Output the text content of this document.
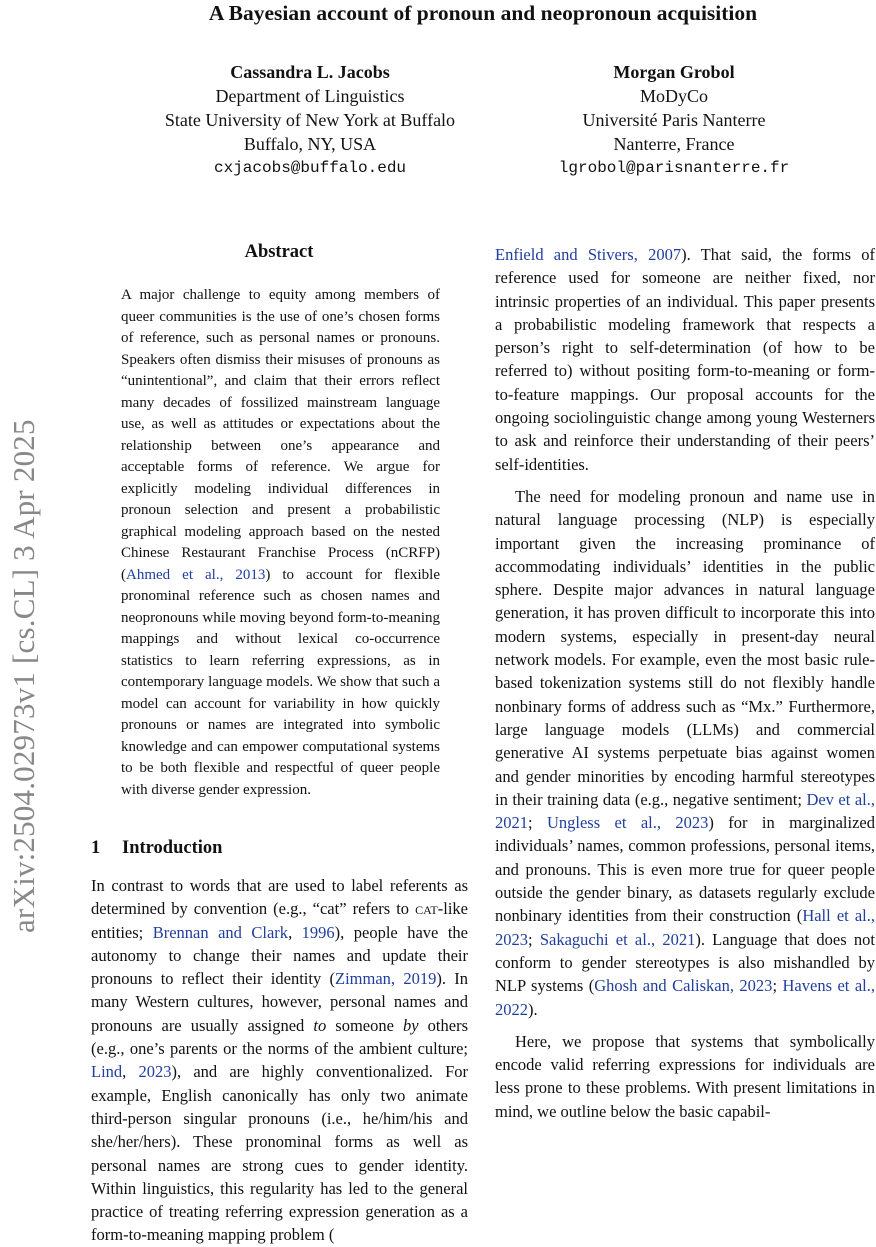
A Bayesian account of pronoun and neopronoun acquisition
Cassandra L. Jacobs
Department of Linguistics
State University of New York at Buffalo
Buffalo, NY, USA
cxjacobs@buffalo.edu
Morgan Grobol
MoDyCo
Université Paris Nanterre
Nanterre, France
lgrobol@parisnanterre.fr
arXiv:2504.02973v1 [cs.CL] 3 Apr 2025
Abstract

A major challenge to equity among members of queer communities is the use of one’s chosen forms of reference, such as personal names or pronouns. Speakers often dismiss their misuses of pronouns as “unintentional”, and claim that their errors reflect many decades of fossilized mainstream language use, as well as attitudes or expectations about the relationship between one’s appearance and acceptable forms of reference. We argue for explicitly modeling individual differences in pronoun selection and present a probabilistic graphical modeling approach based on the nested Chinese Restaurant Franchise Process (nCRFP) (Ahmed et al., 2013) to account for flexible pronominal reference such as chosen names and neopronouns while moving beyond form-to-meaning mappings and without lexical co-occurrence statistics to learn referring expressions, as in contemporary language models. We show that such a model can account for variability in how quickly pronouns or names are integrated into symbolic knowledge and can empower computational systems to be both flexible and respectful of queer people with diverse gender expression.

1 Introduction

In contrast to words that are used to label referents as determined by convention (e.g., “cat” refers to cat-like entities; Brennan and Clark, 1996), people have the autonomy to change their names and update their pronouns to reflect their identity (Zimman, 2019). In many Western cultures, however, personal names and pronouns are usually assigned to someone by others (e.g., one’s parents or the norms of the ambient culture; Lind, 2023), and are highly conventionalized. For example, English canonically has only two animate third-person singular pronouns (i.e., he/him/his and she/her/hers). These pronominal forms as well as personal names are strong cues to gender identity. Within linguistics, this regularity has led to the general practice of treating referring expression generation as a form-to-meaning mapping problem (

Enfield and Stivers, 2007). That said, the forms of reference used for someone are neither fixed, nor intrinsic properties of an individual. This paper presents a probabilistic modeling framework that respects a person’s right to self-determination (of how to be referred to) without positing form-to-meaning or form-to-feature mappings. Our proposal accounts for the ongoing sociolinguistic change among young Westerners to ask and reinforce their understanding of their peers’ self-identities.

The need for modeling pronoun and name use in natural language processing (NLP) is especially important given the increasing prominance of accommodating individuals’ identities in the public sphere. Despite major advances in natural language generation, it has proven difficult to incorporate this into modern systems, especially in present-day neural network models. For example, even the most basic rule-based tokenization systems still do not flexibly handle nonbinary forms of address such as “Mx.” Furthermore, large language models (LLMs) and commercial generative AI systems perpetuate bias against women and gender minorities by encoding harmful stereotypes in their training data (e.g., negative sentiment; Dev et al., 2021; Ungless et al., 2023) for in marginalized individuals’ names, common professions, personal items, and pronouns. This is even more true for queer people outside the gender binary, as datasets regularly exclude nonbinary identities from their construction (Hall et al., 2023; Sakaguchi et al., 2021). Language that does not conform to gender stereotypes is also mishandled by NLP systems (Ghosh and Caliskan, 2023; Havens et al., 2022).

Here, we propose that systems that symbolically encode valid referring expressions for individuals are less prone to these problems. With present limitations in mind, we outline below the basic capabil-
